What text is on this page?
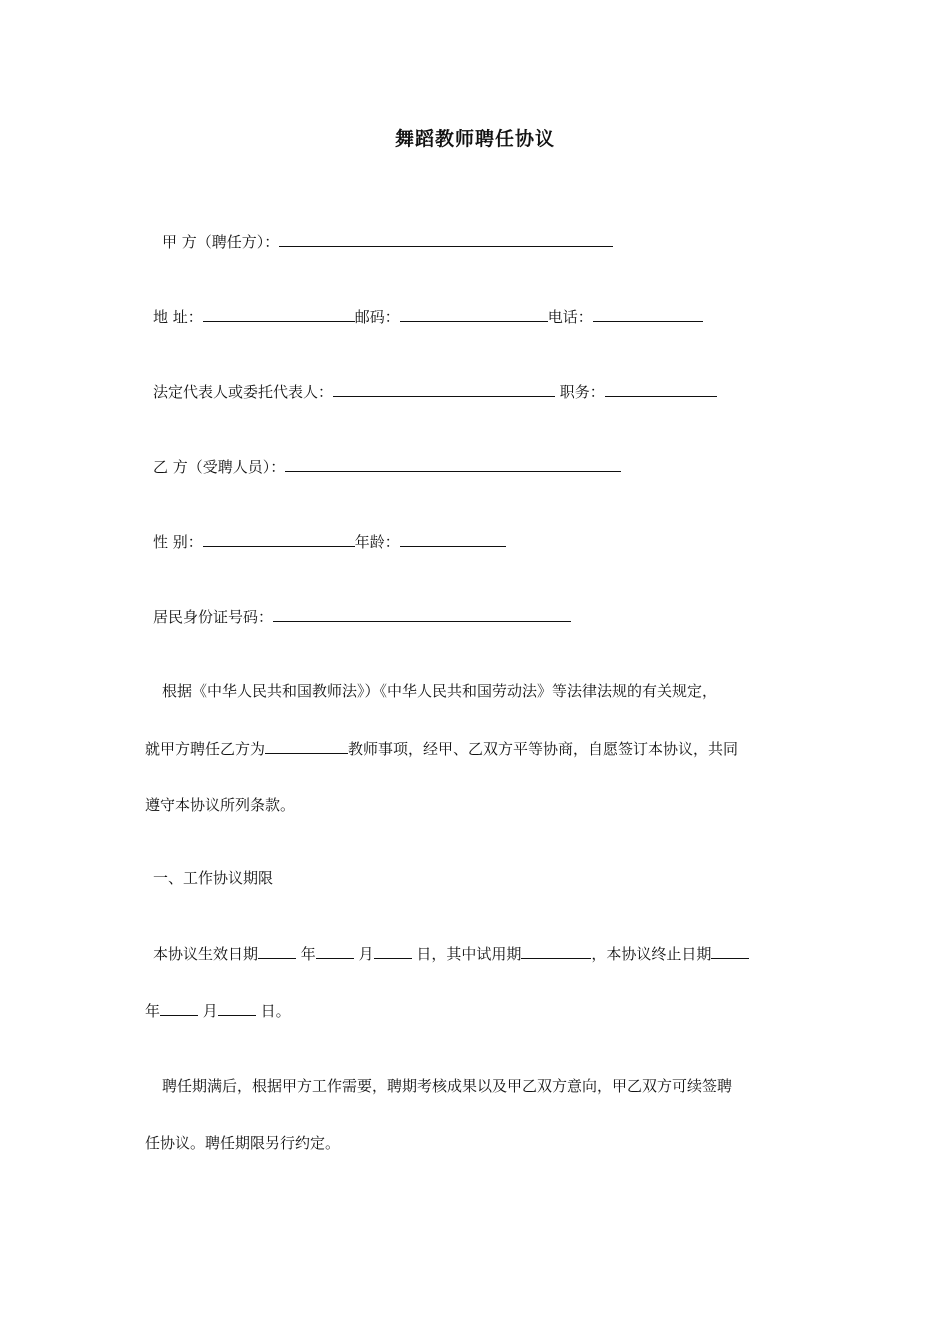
舞蹈教师聘任协议
甲 方（聘任方）：
地 址：	邮码：	电话：
法定代表人或委托代表人：	职务：
乙 方（受聘人员）：
性 别：	年龄：
居民身份证号码：
根据《中华人民共和国教师法》）《中华人民共和国劳动法》等法律法规的有关规定，
就甲方聘任乙方为	教师事项，经甲、乙双方平等协商，自愿签订本协议，共同
遵守本协议所列条款。
一、工作协议期限
本协议生效日期	年	月	日，其中试用期	，本协议终止日期
年	月	日。
聘任期满后，根据甲方工作需要，聘期考核成果以及甲乙双方意向，甲乙双方可续签聘
任协议。聘任期限另行约定。
